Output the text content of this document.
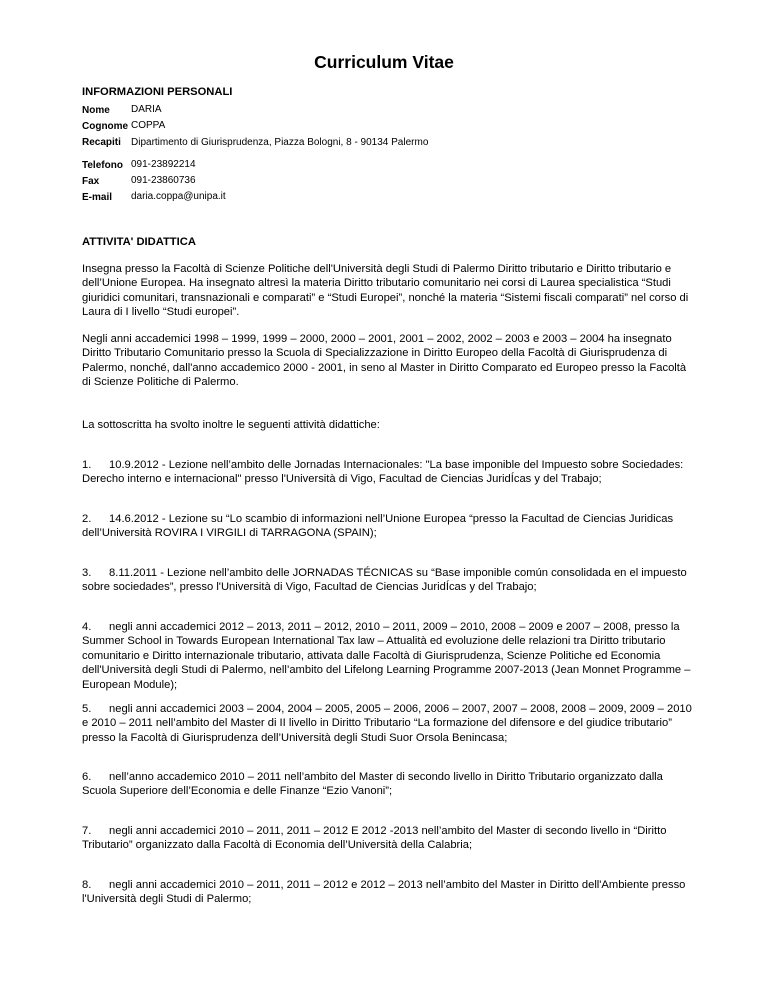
Curriculum Vitae
INFORMAZIONI PERSONALI
Nome DARIA
Cognome COPPA
Recapiti Dipartimento di Giurisprudenza, Piazza Bologni, 8 - 90134 Palermo
Telefono 091-23892214
Fax	091-23860736
E-mail daria.coppa@unipa.it
ATTIVITA' DIDATTICA

Insegna presso la Facoltà di Scienze Politiche dell'Università degli Studi di Palermo Diritto tributario e Diritto tributario e dell’Unione Europea. Ha insegnato altresì la materia Diritto tributario comunitario nei corsi di Laurea specialistica “Studi giuridici comunitari, transnazionali e comparati” e “Studi Europei”, nonché la materia “Sistemi fiscali comparati” nel corso di Laura di I livello “Studi europei”.

Negli anni accademici 1998 – 1999, 1999 – 2000, 2000 – 2001, 2001 – 2002, 2002 – 2003 e 2003 – 2004 ha insegnato Diritto Tributario Comunitario presso la Scuola di Specializzazione in Diritto Europeo della Facoltà di Giurisprudenza di Palermo, nonché, dall'anno accademico 2000 - 2001, in seno al Master in Diritto Comparato ed Europeo presso la Facoltà di Scienze Politiche di Palermo.

La sottoscritta ha svolto inoltre le seguenti attività didattiche:

1. 10.9.2012 - Lezione nell’ambito delle Jornadas Internacionales: "La base imponible del Impuesto sobre Sociedades: Derecho interno e internacional" presso l'Università di Vigo, Facultad de Ciencias JuridÍcas y del Trabajo;

2. 14.6.2012 - Lezione su “Lo scambio di informazioni nell’Unione Europea “presso la Facultad de Ciencias Juridicas dell’Università ROVIRA I VIRGILI di TARRAGONA (SPAIN);

3. 8.11.2011 - Lezione nell’ambito delle JORNADAS TÉCNICAS su “Base imponible común consolidada en el impuesto sobre sociedades”, presso l'Università di Vigo, Facultad de Ciencias JuridÍcas y del Trabajo;

4. negli anni accademici 2012 – 2013, 2011 – 2012, 2010 – 2011, 2009 – 2010, 2008 – 2009 e 2007 – 2008, presso la Summer School in Towards European International Tax law – Attualità ed evoluzione delle relazioni tra Diritto tributario comunitario e Diritto internazionale tributario, attivata dalle Facoltà di Giurisprudenza, Scienze Politiche ed Economia dell'Università degli Studi di Palermo, nell’ambito del Lifelong Learning Programme 2007-2013 (Jean Monnet Programme – European Module);

5. negli anni accademici 2003 – 2004, 2004 – 2005, 2005 – 2006, 2006 – 2007, 2007 – 2008, 2008 – 2009, 2009 – 2010 e 2010 – 2011 nell’ambito del Master di II livello in Diritto Tributario “La formazione del difensore e del giudice tributario” presso la Facoltà di Giurisprudenza dell’Università degli Studi Suor Orsola Benincasa;

6. nell’anno accademico 2010 – 2011 nell’ambito del Master di secondo livello in Diritto Tributario organizzato dalla Scuola Superiore dell’Economia e delle Finanze “Ezio Vanoni”;

7. negli anni accademici 2010 – 2011, 2011 – 2012 E 2012 -2013 nell’ambito del Master di secondo livello in “Diritto Tributario” organizzato dalla Facoltà di Economia dell’Università della Calabria;

8. negli anni accademici 2010 – 2011, 2011 – 2012 e 2012 – 2013 nell’ambito del Master in Diritto dell'Ambiente presso l'Università degli Studi di Palermo;
